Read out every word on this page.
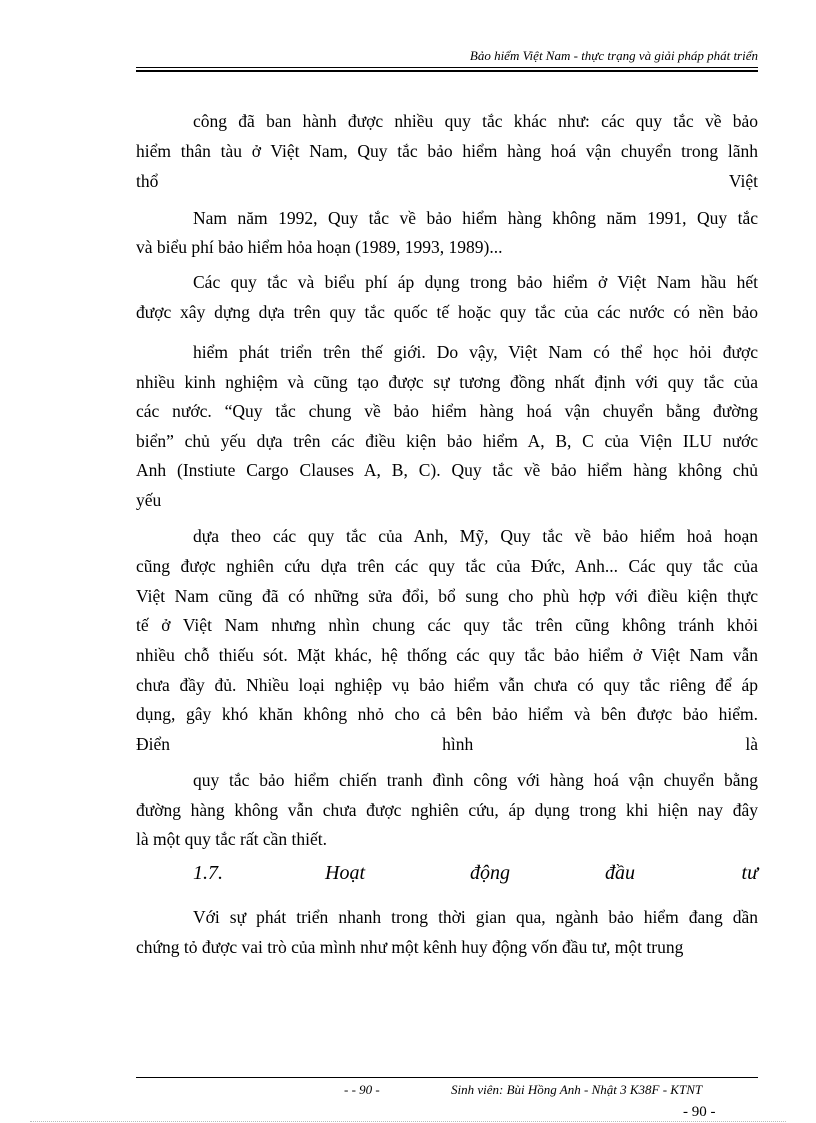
Bảo hiểm Việt Nam - thực trạng và giải pháp phát triển
công đã ban hành được nhiều quy tắc khác như: các quy tắc về bảo
hiểm thân tàu ở Việt Nam, Quy tắc bảo hiểm hàng hoá vận chuyển trong lãnh
thổ Việt
Nam năm 1992, Quy tắc về bảo hiểm hàng không năm 1991, Quy tắc
và biểu phí bảo hiểm hỏa hoạn (1989, 1993, 1989)...
Các quy tắc và biểu phí áp dụng trong bảo hiểm ở Việt Nam hầu hết
được xây dựng dựa trên quy tắc quốc tế hoặc quy tắc của các nước có nền bảo
hiểm phát triển trên thế giới. Do vậy, Việt Nam có thể học hỏi được
nhiều kinh nghiệm và cũng tạo được sự tương đồng nhất định với quy tắc của
các nước. “Quy tắc chung về bảo hiểm hàng hoá vận chuyển bằng đường
biển” chủ yếu dựa trên các điều kiện bảo hiểm A, B, C của Viện ILU nước
Anh (Instiute Cargo Clauses A, B, C). Quy tắc về bảo hiểm hàng không chủ
yếu
dựa theo các quy tắc của Anh, Mỹ, Quy tắc về bảo hiểm hoả hoạn
cũng được nghiên cứu dựa trên các quy tắc của Đức, Anh... Các quy tắc của
Việt Nam cũng đã có những sửa đổi, bổ sung cho phù hợp với điều kiện thực
tế ở Việt Nam nhưng nhìn chung các quy tắc trên cũng không tránh khỏi
nhiều chỗ thiếu sót. Mặt khác, hệ thống các quy tắc bảo hiểm ở Việt Nam vẫn
chưa đầy đủ. Nhiều loại nghiệp vụ bảo hiểm vẫn chưa có quy tắc riêng để áp
dụng, gây khó khăn không nhỏ cho cả bên bảo hiểm và bên được bảo hiểm.
Điển hình là
quy tắc bảo hiểm chiến tranh đình công với hàng hoá vận chuyển bằng
đường hàng không vẫn chưa được nghiên cứu, áp dụng trong khi hiện nay đây
là một quy tắc rất cần thiết.
1.7.	Hoạt	động	đầu	tư
Với sự phát triển nhanh trong thời gian qua, ngành bảo hiểm đang dần
chứng tỏ được vai trò của mình như một kênh huy động vốn đầu tư, một trung
- - 90 -	Sinh viên: Bùi Hồng Anh - Nhật 3 K38F - KTNT
- 90 -
